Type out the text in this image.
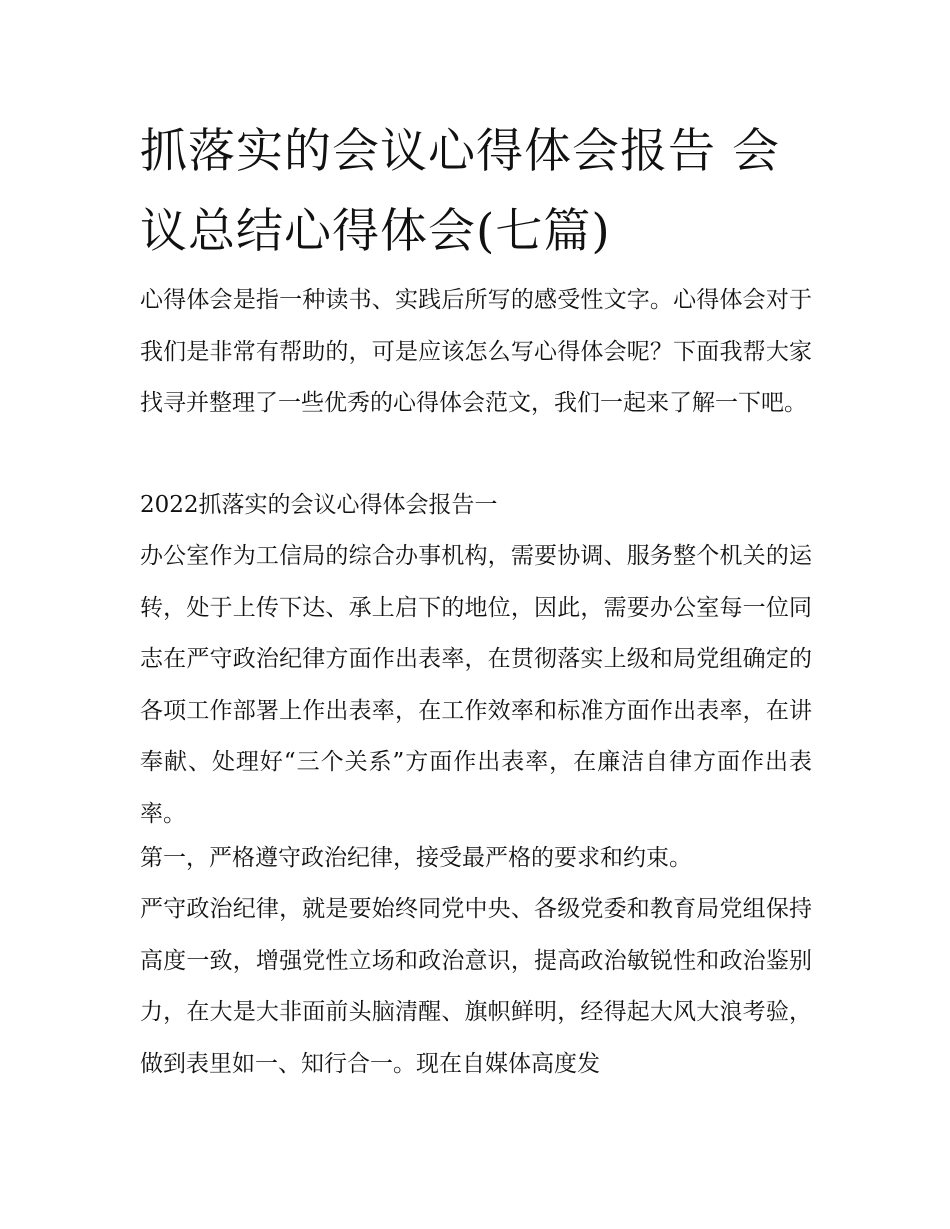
抓落实的会议心得体会报告 会议总结心得体会(七篇)

心得体会是指一种读书、实践后所写的感受性文字。心得体会对于我们是非常有帮助的，可是应该怎么写心得体会呢？下面我帮大家找寻并整理了一些优秀的心得体会范文，我们一起来了解一下吧。

2022抓落实的会议心得体会报告一

办公室作为工信局的综合办事机构，需要协调、服务整个机关的运转，处于上传下达、承上启下的地位，因此，需要办公室每一位同志在严守政治纪律方面作出表率，在贯彻落实上级和局党组确定的各项工作部署上作出表率，在工作效率和标准方面作出表率，在讲奉献、处理好“三个关系”方面作出表率，在廉洁自律方面作出表率。

第一，严格遵守政治纪律，接受最严格的要求和约束。

严守政治纪律，就是要始终同党中央、各级党委和教育局党组保持高度一致，增强党性立场和政治意识，提高政治敏锐性和政治鉴别力，在大是大非面前头脑清醒、旗帜鲜明，经得起大风大浪考验，做到表里如一、知行合一。现在自媒体高度发
